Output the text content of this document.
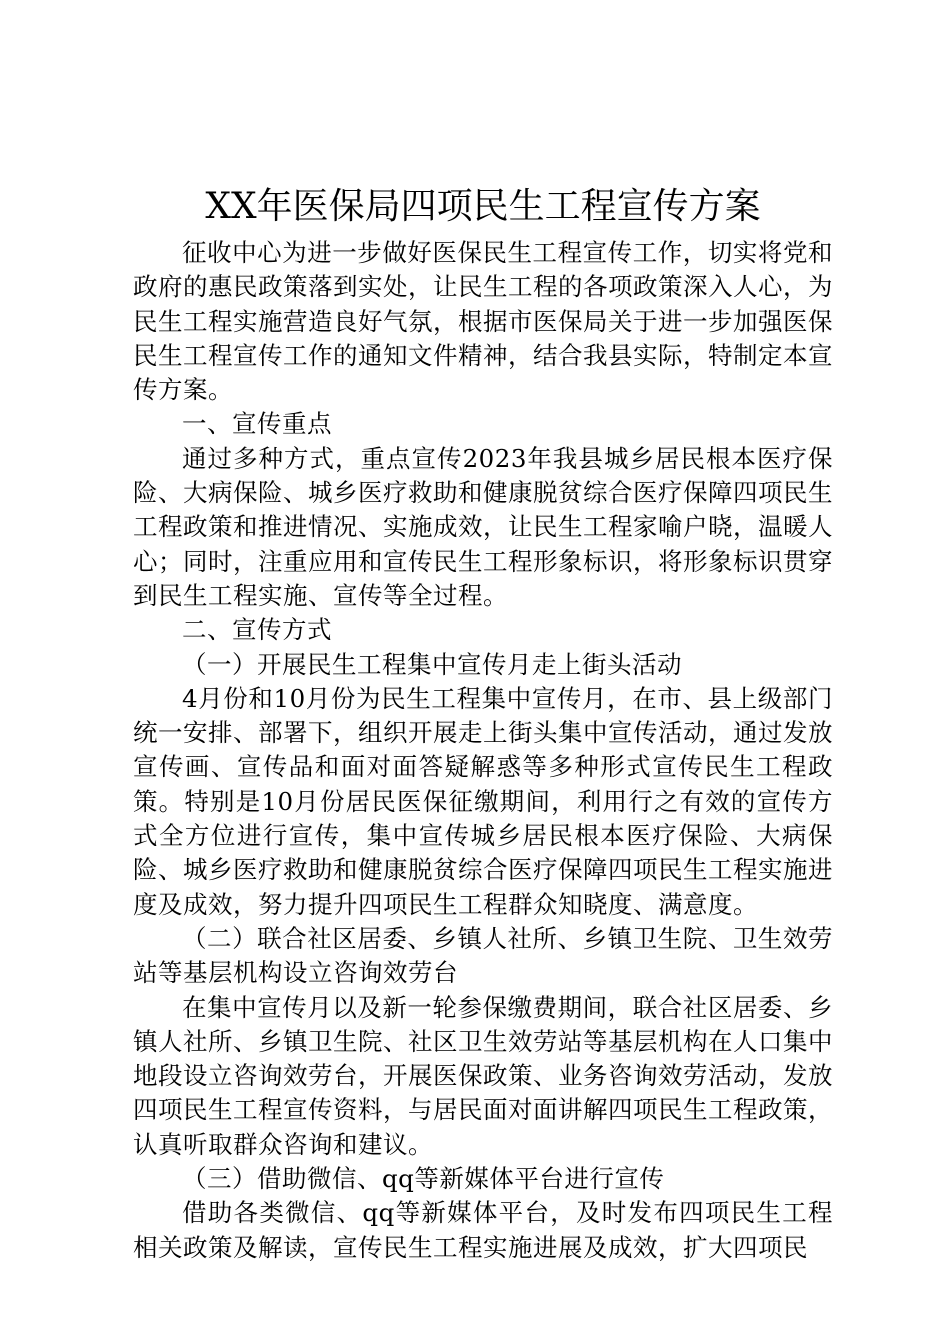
XX年医保局四项民生工程宣传方案

征收中心为进一步做好医保民生工程宣传工作，切实将党和政府的惠民政策落到实处，让民生工程的各项政策深入人心，为民生工程实施营造良好气氛，根据市医保局关于进一步加强医保民生工程宣传工作的通知文件精神，结合我县实际，特制定本宣传方案。

一、宣传重点

通过多种方式，重点宣传2023年我县城乡居民根本医疗保险、大病保险、城乡医疗救助和健康脱贫综合医疗保障四项民生工程政策和推进情况、实施成效，让民生工程家喻户晓，温暖人心；同时，注重应用和宣传民生工程形象标识，将形象标识贯穿到民生工程实施、宣传等全过程。

二、宣传方式

（一）开展民生工程集中宣传月走上街头活动

4月份和10月份为民生工程集中宣传月，在市、县上级部门统一安排、部署下，组织开展走上街头集中宣传活动，通过发放宣传画、宣传品和面对面答疑解惑等多种形式宣传民生工程政策。特别是10月份居民医保征缴期间，利用行之有效的宣传方式全方位进行宣传，集中宣传城乡居民根本医疗保险、大病保险、城乡医疗救助和健康脱贫综合医疗保障四项民生工程实施进度及成效，努力提升四项民生工程群众知晓度、满意度。

（二）联合社区居委、乡镇人社所、乡镇卫生院、卫生效劳站等基层机构设立咨询效劳台

在集中宣传月以及新一轮参保缴费期间，联合社区居委、乡镇人社所、乡镇卫生院、社区卫生效劳站等基层机构在人口集中地段设立咨询效劳台，开展医保政策、业务咨询效劳活动，发放四项民生工程宣传资料，与居民面对面讲解四项民生工程政策，认真听取群众咨询和建议。

（三）借助微信、qq等新媒体平台进行宣传

借助各类微信、qq等新媒体平台，及时发布四项民生工程相关政策及解读，宣传民生工程实施进展及成效，扩大四项民
